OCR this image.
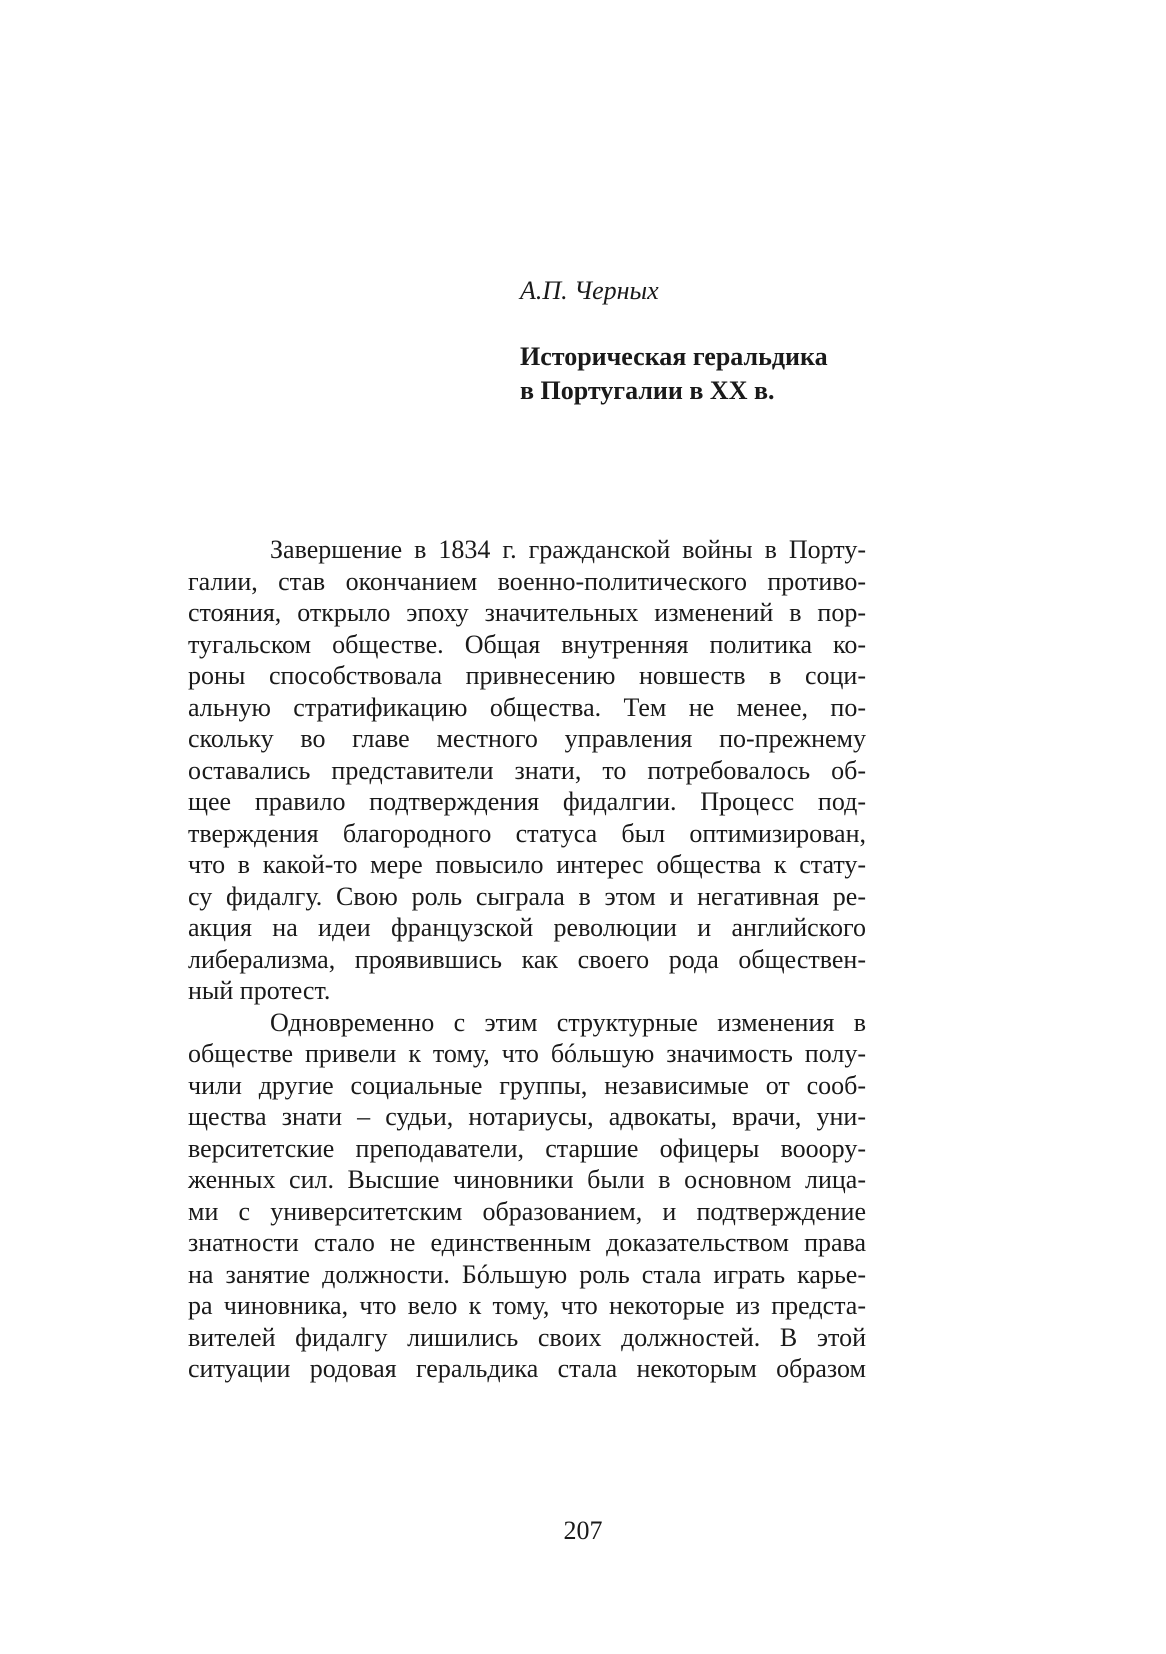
А.П. Черных
Историческая геральдика
в Португалии в XX в.
Завершение в 1834 г. гражданской войны в Порту-
галии, став окончанием военно-политического противо-
стояния, открыло эпоху значительных изменений в пор-
тугальском обществе. Общая внутренняя политика ко-
роны способствовала привнесению новшеств в соци-
альную стратификацию общества. Тем не менее, по-
скольку во главе местного управления по-прежнему
оставались представители знати, то потребовалось об-
щее правило подтверждения фидалгии. Процесс под-
тверждения благородного статуса был оптимизирован,
что в какой-то мере повысило интерес общества к стату-
су фидалгу. Свою роль сыграла в этом и негативная ре-
акция на идеи французской революции и английского
либерализма, проявившись как своего рода обществен-
ный протест.
Одновременно с этим структурные изменения в
обществе привели к тому, что бóльшую значимость полу-
чили другие социальные группы, независимые от сооб-
щества знати – судьи, нотариусы, адвокаты, врачи, уни-
верситетские преподаватели, старшие офицеры вооору-
женных сил. Высшие чиновники были в основном лица-
ми с университетским образованием, и подтверждение
знатности стало не единственным доказательством права
на занятие должности. Бóльшую роль стала играть карье-
ра чиновника, что вело к тому, что некоторые из предста-
вителей фидалгу лишились своих должностей. В этой
ситуации родовая геральдика стала некоторым образом
207
